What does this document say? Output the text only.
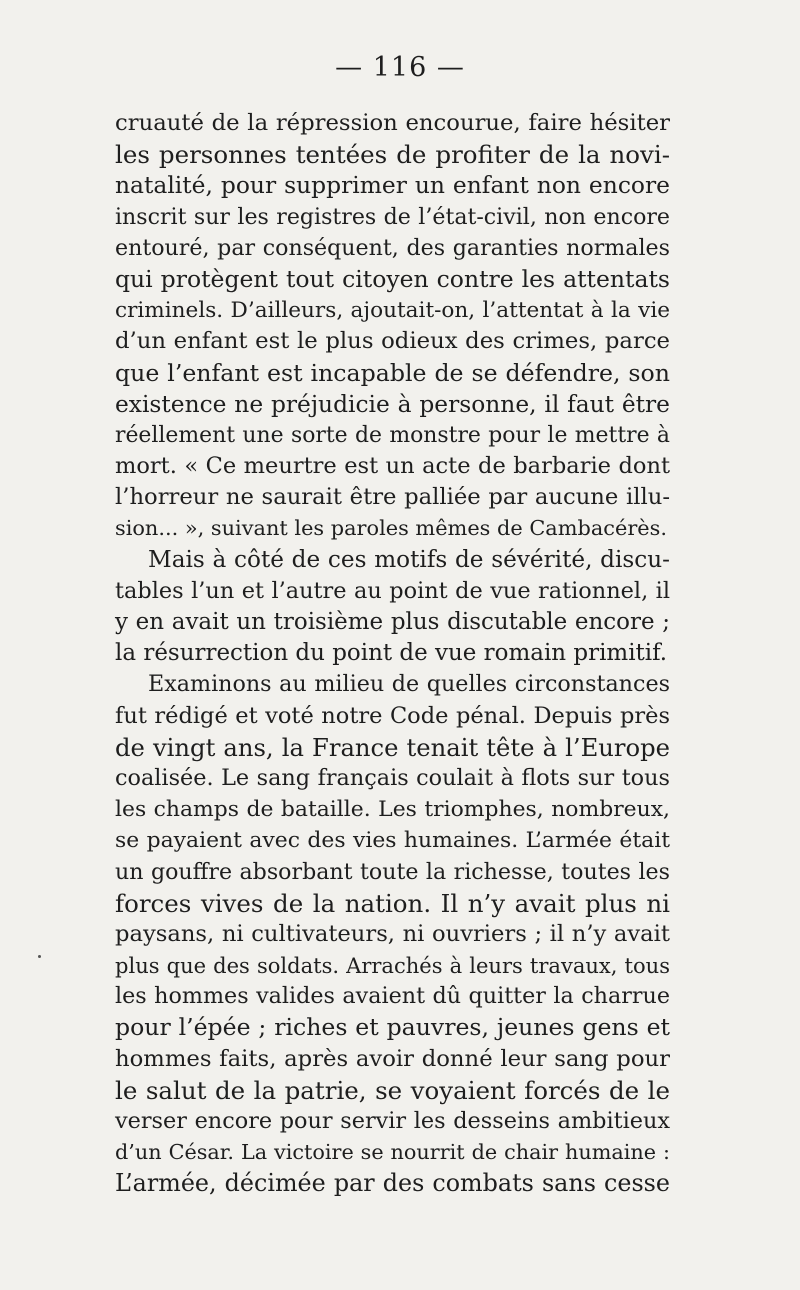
— 116 —
cruauté de la répression encourue, faire hésiter
les personnes tentées de profiter de la novi-
natalité, pour supprimer un enfant non encore
inscrit sur les registres de l’état-civil, non encore
entouré, par conséquent, des garanties normales
qui protègent tout citoyen contre les attentats
criminels. D’ailleurs, ajoutait-on, l’attentat à la vie
d’un enfant est le plus odieux des crimes, parce
que l’enfant est incapable de se défendre, son
existence ne préjudicie à personne, il faut être
réellement une sorte de monstre pour le mettre à
mort. « Ce meurtre est un acte de barbarie dont
l’horreur ne saurait être palliée par aucune illu-
sion... », suivant les paroles mêmes de Cambacérès.
Mais à côté de ces motifs de sévérité, discu-
tables l’un et l’autre au point de vue rationnel, il
y en avait un troisième plus discutable encore ;
la résurrection du point de vue romain primitif.
Examinons au milieu de quelles circonstances
fut rédigé et voté notre Code pénal. Depuis près
de vingt ans, la France tenait tête à l’Europe
coalisée. Le sang français coulait à flots sur tous
les champs de bataille. Les triomphes, nombreux,
se payaient avec des vies humaines. L’armée était
un gouffre absorbant toute la richesse, toutes les
forces vives de la nation. Il n’y avait plus ni
paysans, ni cultivateurs, ni ouvriers ; il n’y avait
plus que des soldats. Arrachés à leurs travaux, tous
les hommes valides avaient dû quitter la charrue
pour l’épée ; riches et pauvres, jeunes gens et
hommes faits, après avoir donné leur sang pour
le salut de la patrie, se voyaient forcés de le
verser encore pour servir les desseins ambitieux
d’un César. La victoire se nourrit de chair humaine :
L’armée, décimée par des combats sans cesse
